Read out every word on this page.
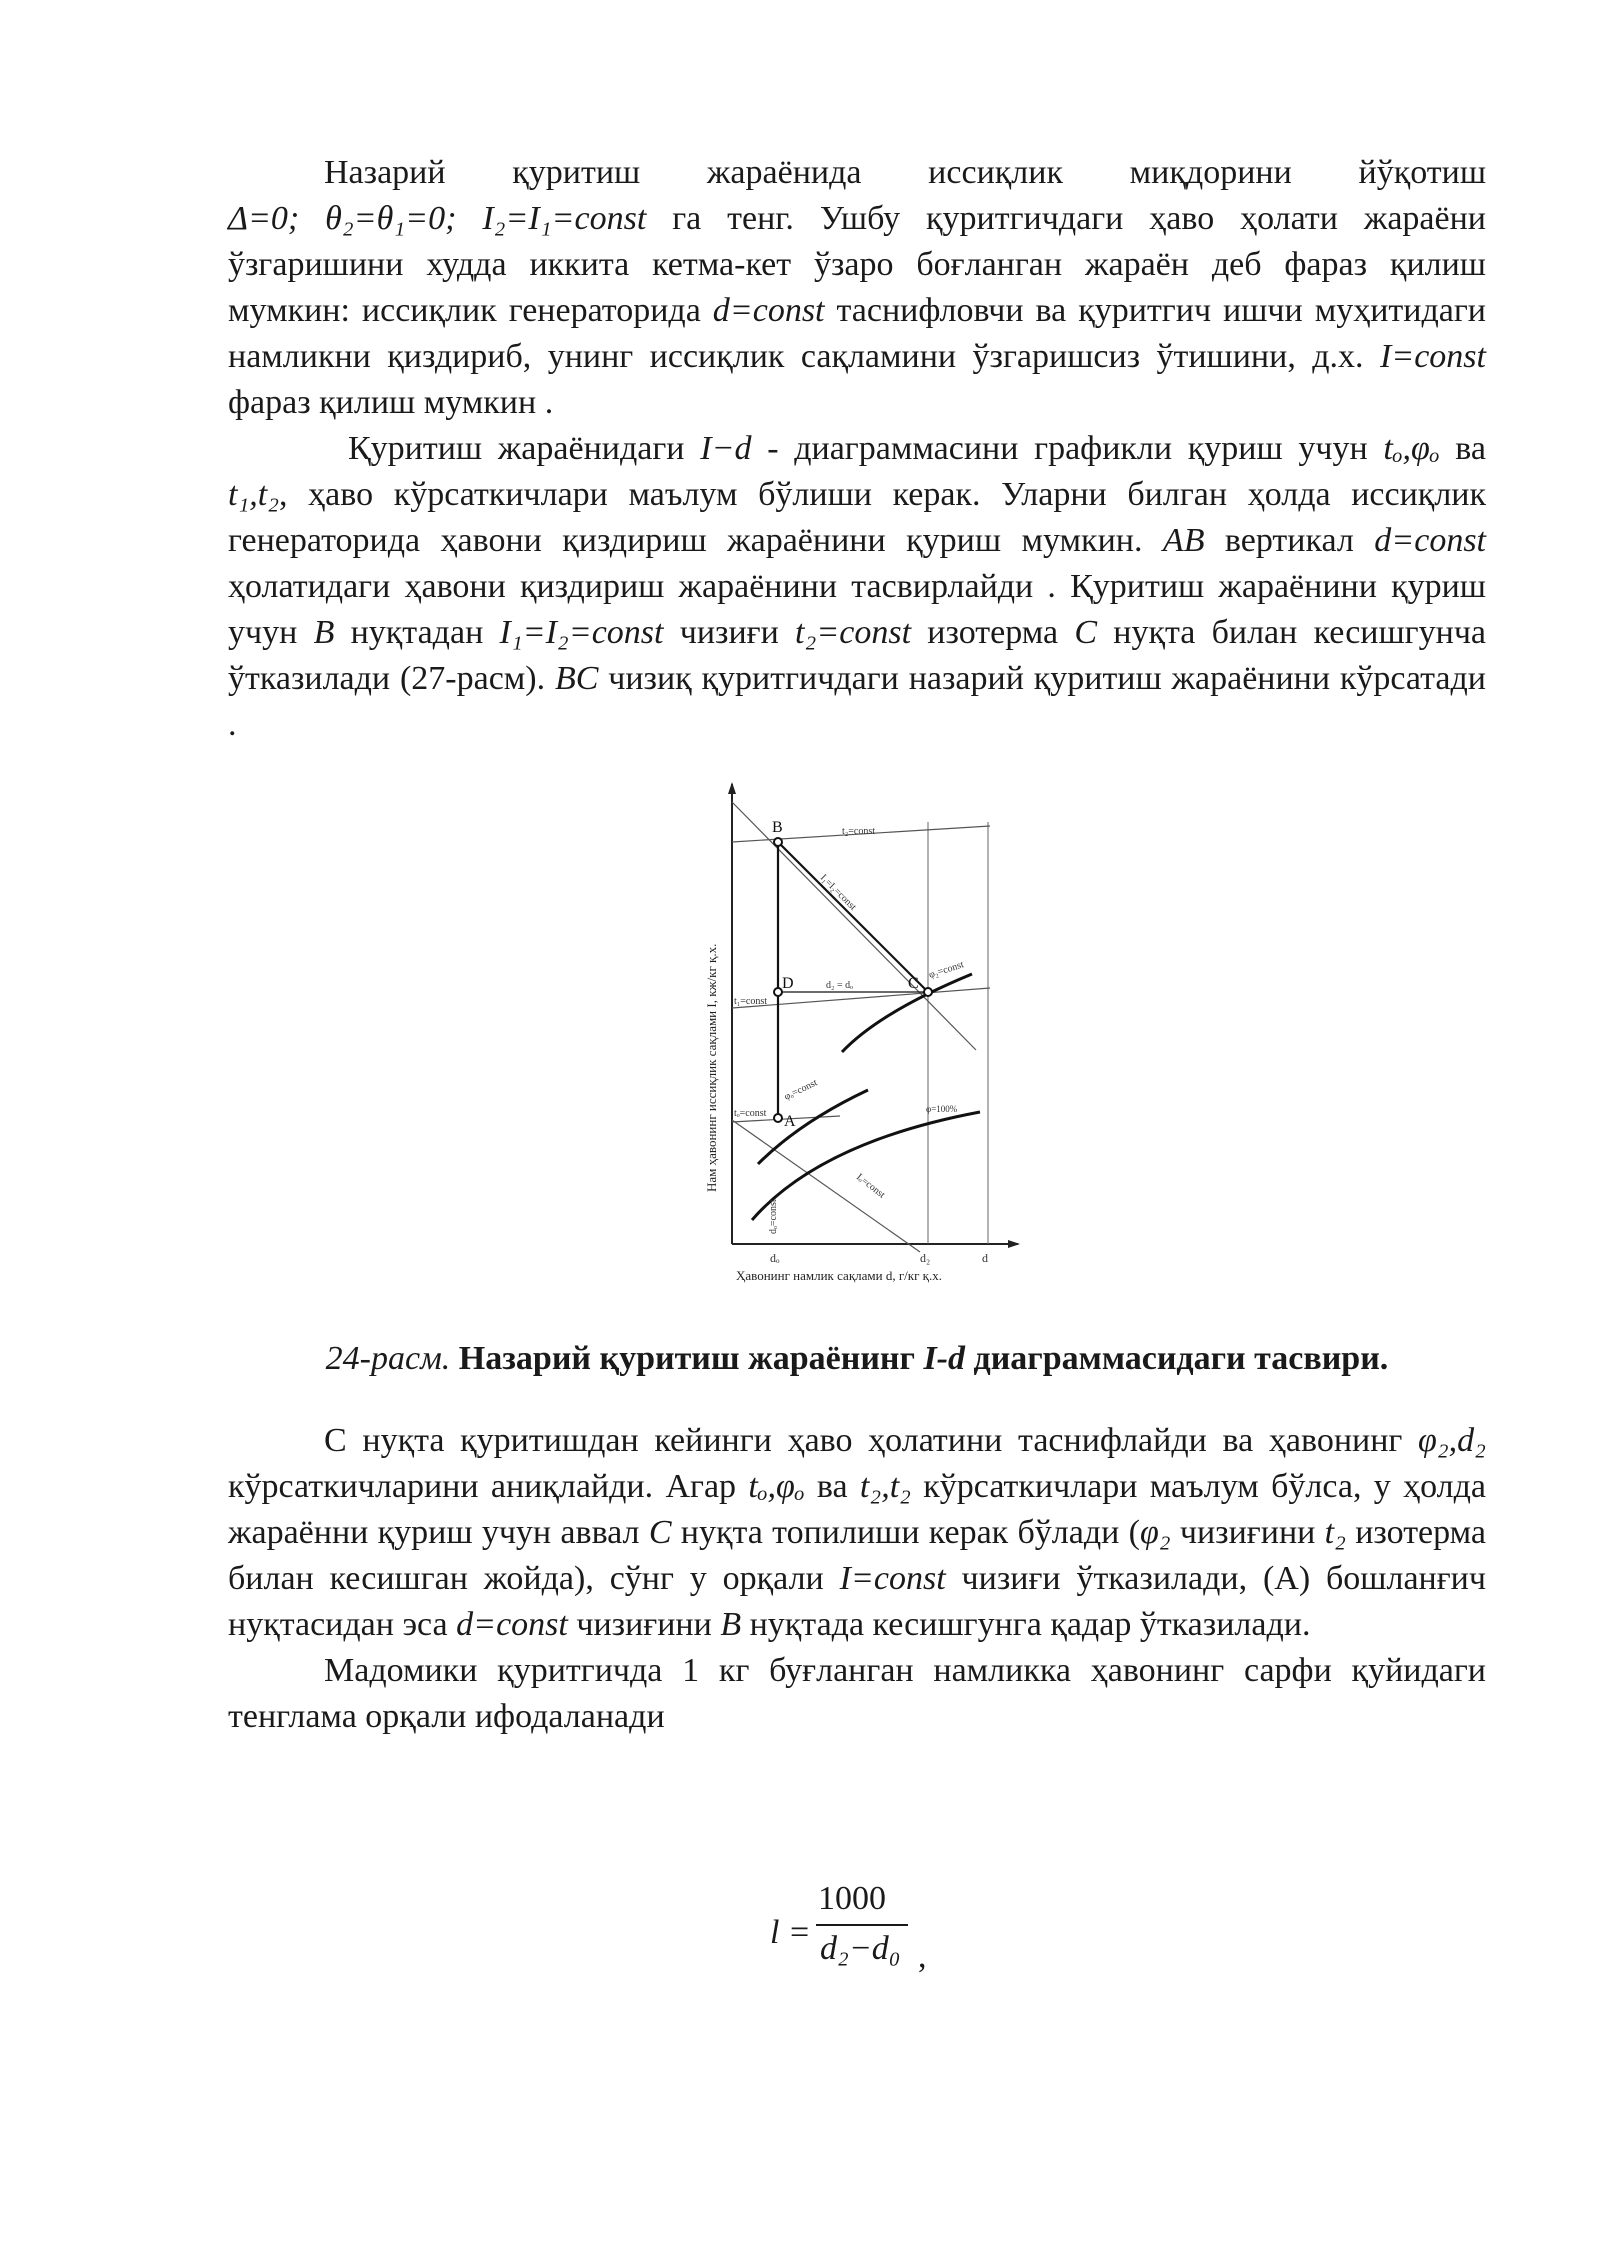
Назарий қуритиш жараёнида иссиқлик миқдорини йўқотиш Δ=0; θ₂=θ₁=0; I₂=I₁=const га тенг. Ушбу қуритгичдаги ҳаво ҳолати жараёни ўзгаришини худда иккита кетма-кет ўзаро боғланган жараён деб фараз қилиш мумкин: иссиқлик генераторида d=const таснифловчи ва қуритгич ишчи муҳитидаги намликни қиздириб, унинг иссиқлик сақламини ўзгаришсиз ўтишини, д.х. I=const фараз қилиш мумкин .

Қуритиш жараёнидаги I−d - диаграммасини графикли қуриш учун tₒ,φₒ ва t₁,t₂, ҳаво кўрсаткичлари маълум бўлиши керак. Уларни билган ҳолда иссиқлик генераторида ҳавони қиздириш жараёнини қуриш мумкин. AB вертикал d=const ҳолатидаги ҳавони қиздириш жараёнини тасвирлайди . Қуритиш жараёнини қуриш учун B нуқтадан I₁=I₂=const чизиғи t₂=const изотерма C нуқта билан кесишгунча ўтказилади (27-расм). BC чизиқ қуритгичдаги назарий қуритиш жараёнини кўрсатади .

B
D	C
A
t₂=const
t₁=const
tₒ=const
I₁=I₂=const
d₂ = dₒ
φ₂=const
φₒ=const
φ=100%
Iₒ=const
dₒ=const
dₒ	d₂	d
Ҳавонинг намлик сақлами d, г/кг қ.х.
Нам ҳавонинг иссиқлик сақлами I, кж/кг қ.х.
24-расм. Назарий қуритиш жараёнинг I-d диаграммасидаги тасвири.

С нуқта қуритишдан кейинги ҳаво ҳолатини таснифлайди ва ҳавонинг φ₂,d₂ кўрсаткичларини аниқлайди. Агар tₒ,φₒ ва t₂,t₂ кўрсаткичлари маълум бўлса, у ҳолда жараённи қуриш учун аввал C нуқта топилиши керак бўлади (φ₂ чизиғини t₂ изотерма билан кесишган жойда), сўнг у орқали I=const чизиғи ўтказилади, (А) бошланғич нуқтасидан эса d=const чизиғини B нуқтада кесишгунга қадар ўтказилади.

Мадомики қуритгичда 1 кг буғланган намликка ҳавонинг сарфи қуйидаги тенглама орқали ифодаланади

l =
1000
d₂−d₀ ,
